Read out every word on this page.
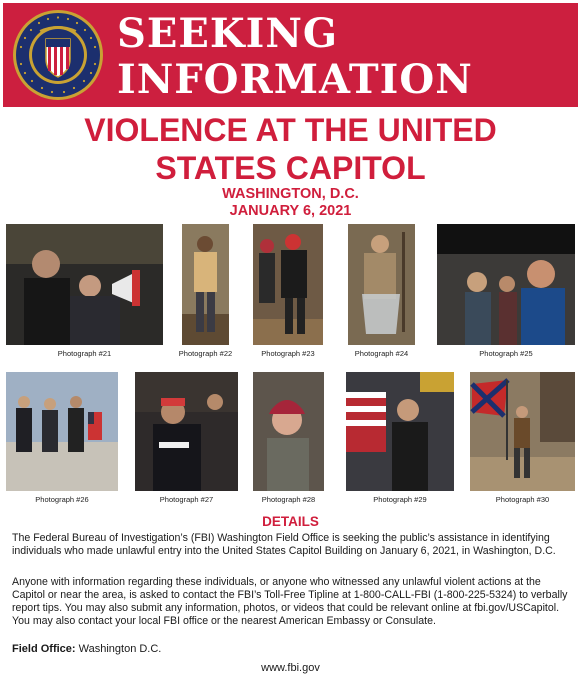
SEEKING
INFORMATION
VIOLENCE AT THE UNITED
STATES CAPITOL
WASHINGTON, D.C.
JANUARY 6, 2021
Photograph #21	Photograph #22	Photograph #23	Photograph #24	Photograph #25
Photograph #26	Photograph #27	Photograph #28	Photograph #29	Photograph #30
DETAILS
The Federal Bureau of Investigation’s (FBI) Washington Field Office is seeking the public’s assistance in identifying individuals who made unlawful entry into the United States Capitol Building on January 6, 2021, in Washington, D.C.
Anyone with information regarding these individuals, or anyone who witnessed any unlawful violent actions at the Capitol or near the area, is asked to contact the FBI’s Toll-Free Tipline at 1-800-CALL-FBI (1-800-225-5324) to verbally report tips. You may also submit any information, photos, or videos that could be relevant online at fbi.gov/USCapitol. You may also contact your local FBI office or the nearest American Embassy or Consulate.
Field Office: Washington D.C.
www.fbi.gov
